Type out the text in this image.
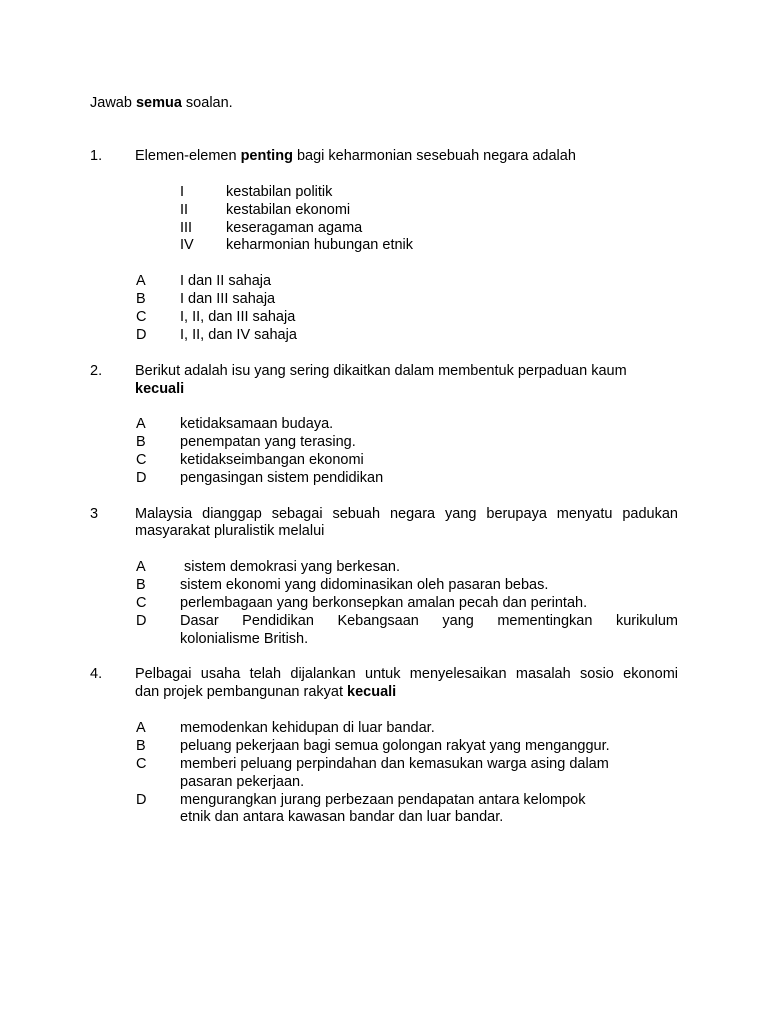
Jawab semua soalan.
1. Elemen-elemen penting bagi keharmonian sesebuah negara adalah
I	kestabilan politik
II	kestabilan ekonomi
III keseragaman agama
IV keharmonian hubungan etnik
A I dan II sahaja
B I dan III sahaja
C I, II, dan III sahaja
D I, II, dan IV sahaja
2. Berikut adalah isu yang sering dikaitkan dalam membentuk perpaduan kaum
kecuali
A ketidaksamaan budaya.
B penempatan yang terasing.
C ketidakseimbangan ekonomi
D pengasingan sistem pendidikan
3	Malaysia dianggap sebagai sebuah negara yang berupaya menyatu padukan
masyarakat pluralistik melalui
A sistem demokrasi yang berkesan.
B sistem ekonomi yang didominasikan oleh pasaran bebas.
C perlembagaan yang berkonsepkan amalan pecah dan perintah.
D Dasar Pendidikan Kebangsaan yang mementingkan kurikulum
kolonialisme British.
4. Pelbagai usaha telah dijalankan untuk menyelesaikan masalah sosio ekonomi
dan projek pembangunan rakyat kecuali
A memodenkan kehidupan di luar bandar.
B peluang pekerjaan bagi semua golongan rakyat yang menganggur.
C memberi peluang perpindahan dan kemasukan warga asing dalam
pasaran pekerjaan.
D mengurangkan jurang perbezaan pendapatan antara kelompok
etnik dan antara kawasan bandar dan luar bandar.
